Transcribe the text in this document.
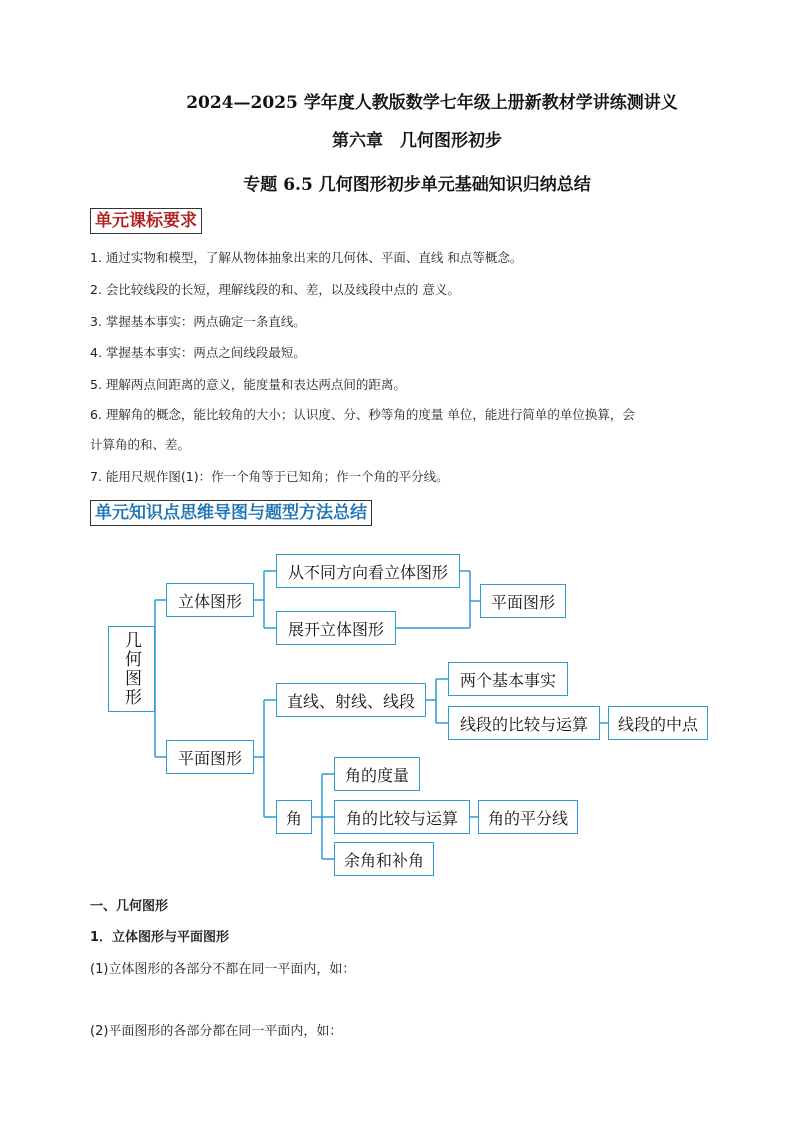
2024—2025 学年度人教版数学七年级上册新教材学讲练测讲义
第六章　几何图形初步
专题 6.5 几何图形初步单元基础知识归纳总结
单元课标要求
1. 通过实物和模型，了解从物体抽象出来的几何体、平面、直线 和点等概念。
2. 会比较线段的长短，理解线段的和、差，以及线段中点的 意义。
3. 掌握基本事实：两点确定一条直线。
4. 掌握基本事实：两点之间线段最短。
5. 理解两点间距离的意义，能度量和表达两点间的距离。
6. 理解角的概念，能比较角的大小；认识度、分、秒等角的度量 单位，能进行简单的单位换算，会
计算角的和、差。
7. 能用尺规作图(1)：作一个角等于已知角；作一个角的平分线。
单元知识点思维导图与题型方法总结
几何图形
立体图形
从不同方向看立体图形
展开立体图形
平面图形
平面图形
直线、射线、线段
两个基本事实
线段的比较与运算	线段的中点
角
角的度量
角的比较与运算	角的平分线
余角和补角
一、几何图形
1．立体图形与平面图形
(1)立体图形的各部分不都在同一平面内，如：
(2)平面图形的各部分都在同一平面内，如：
